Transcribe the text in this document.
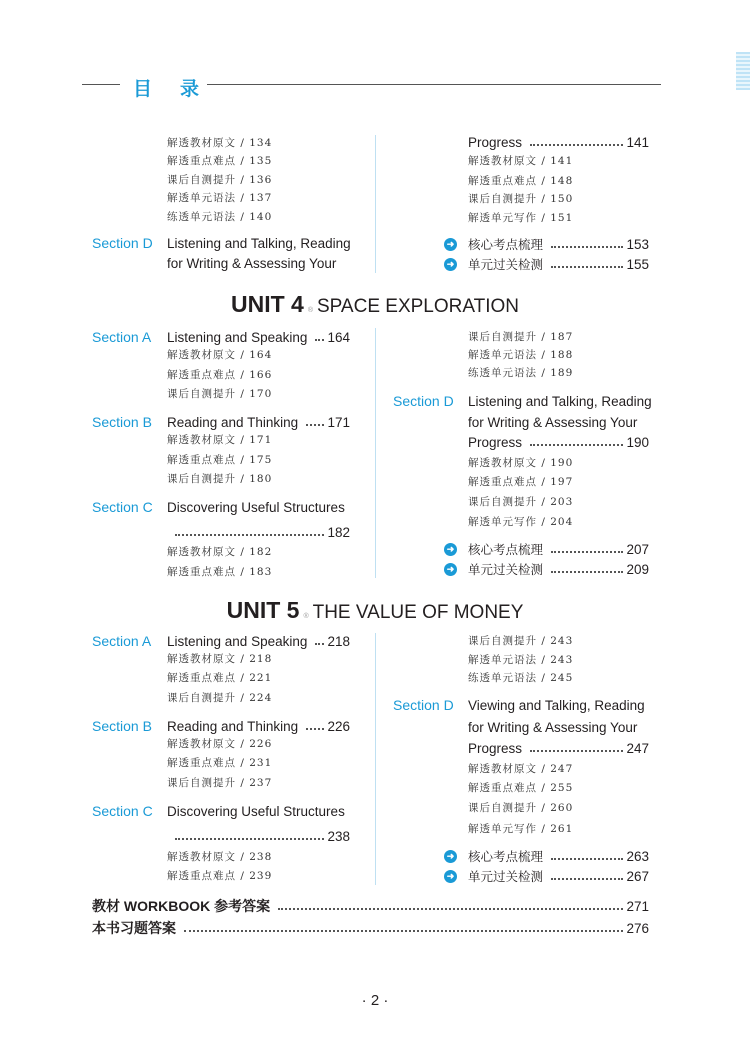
目 录
解透教材原文 / 134
解透重点难点 / 135
课后自测提升 / 136
解透单元语法 / 137
练透单元语法 / 140
Section D	Listening and Talking, Reading
for Writing & Assessing Your
Progress	141
解透教材原文 / 141
解透重点难点 / 148
课后自测提升 / 150
解透单元写作 / 151
➜ 核心考点梳理	153
➜ 单元过关检测	155
UNIT 4 ® SPACE EXPLORATION
Section A	Listening and Speaking 164
解透教材原文 / 164
解透重点难点 / 166
课后自测提升 / 170
Section B	Reading and Thinking 171
解透教材原文 / 171
解透重点难点 / 175
课后自测提升 / 180
Section C	Discovering Useful Structures
182
解透教材原文 / 182
解透重点难点 / 183
课后自测提升 / 187
解透单元语法 / 188
练透单元语法 / 189
Section D	Listening and Talking, Reading
for Writing & Assessing Your
Progress	190
解透教材原文 / 190
解透重点难点 / 197
课后自测提升 / 203
解透单元写作 / 204
➜ 核心考点梳理	207
➜ 单元过关检测	209
UNIT 5 ® THE VALUE OF MONEY
Section A	Listening and Speaking 218
解透教材原文 / 218
解透重点难点 / 221
课后自测提升 / 224
Section B	Reading and Thinking 226
解透教材原文 / 226
解透重点难点 / 231
课后自测提升 / 237
Section C	Discovering Useful Structures
238
解透教材原文 / 238
解透重点难点 / 239
课后自测提升 / 243
解透单元语法 / 243
练透单元语法 / 245
Section D	Viewing and Talking, Reading
for Writing & Assessing Your
Progress	247
解透教材原文 / 247
解透重点难点 / 255
课后自测提升 / 260
解透单元写作 / 261
➜ 核心考点梳理	263
➜ 单元过关检测	267
教材 WORKBOOK 参考答案	271
本书习题答案	276
· 2 ·
